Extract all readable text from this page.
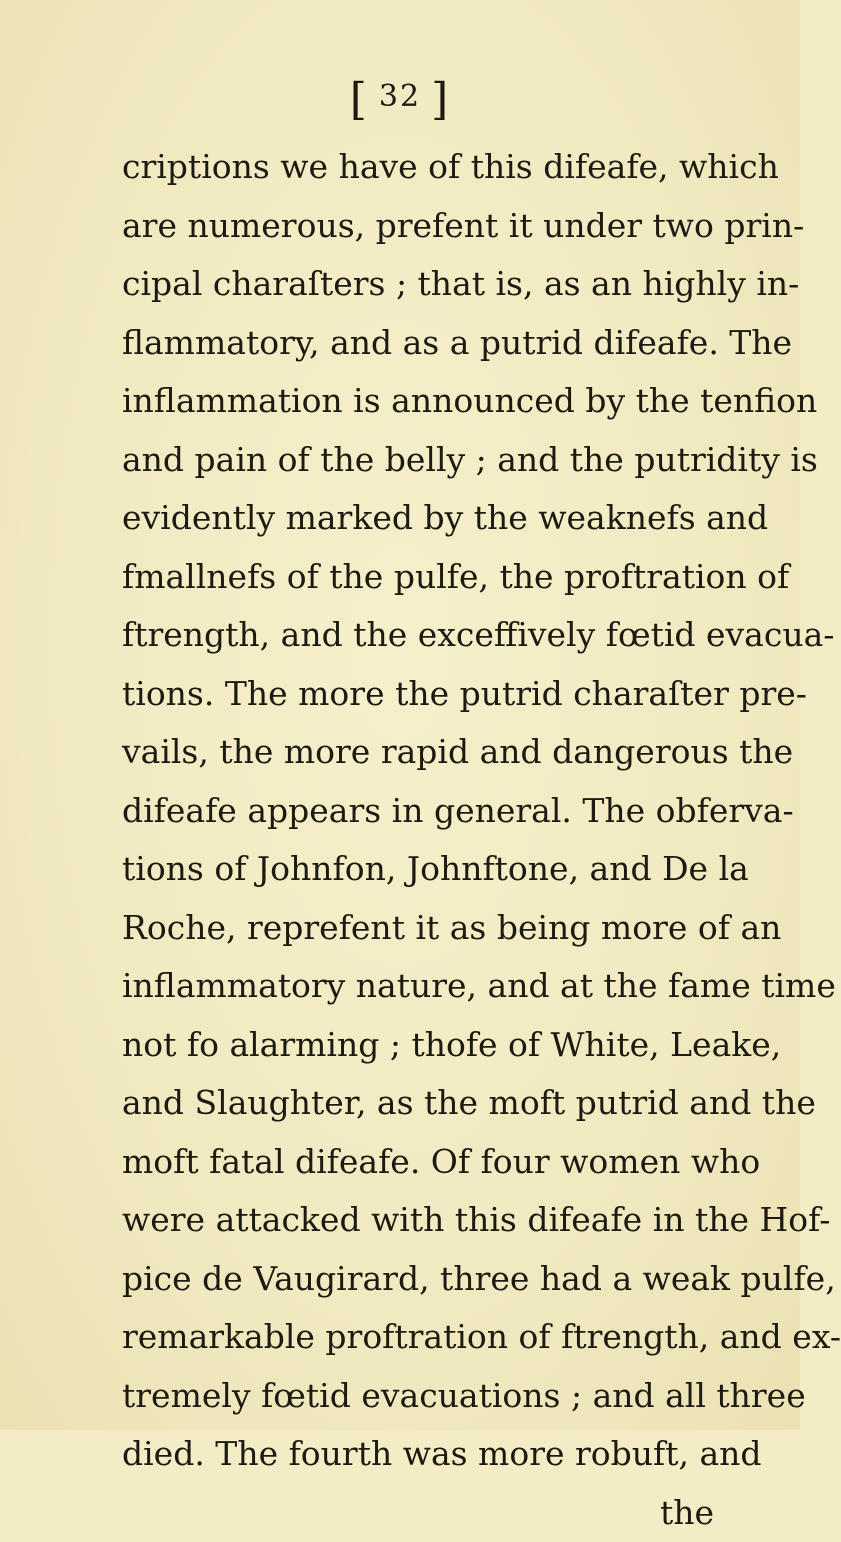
[ 32 ]
criptions we have of this difeafe, which
are numerous, prefent it under two prin-
cipal charaſters ; that is, as an highly in-
flammatory, and as a putrid difeafe. The
inflammation is announced by the tenfion
and pain of the belly ; and the putridity is
evidently marked by the weaknefs and
fmallnefs of the pulfe, the proftration of
ftrength, and the exceffively fœtid evacua-
tions. The more the putrid charaſter pre-
vails, the more rapid and dangerous the
difeafe appears in general. The obferva-
tions of Johnfon, Johnftone, and De la
Roche, reprefent it as being more of an
inflammatory nature, and at the fame time
not fo alarming ; thofe of White, Leake,
and Slaughter, as the moft putrid and the
moft fatal difeafe. Of four women who
were attacked with this difeafe in the Hof-
pice de Vaugirard, three had a weak pulfe,
remarkable proftration of ftrength, and ex-
tremely fœtid evacuations ; and all three
died. The fourth was more robuft, and
the
